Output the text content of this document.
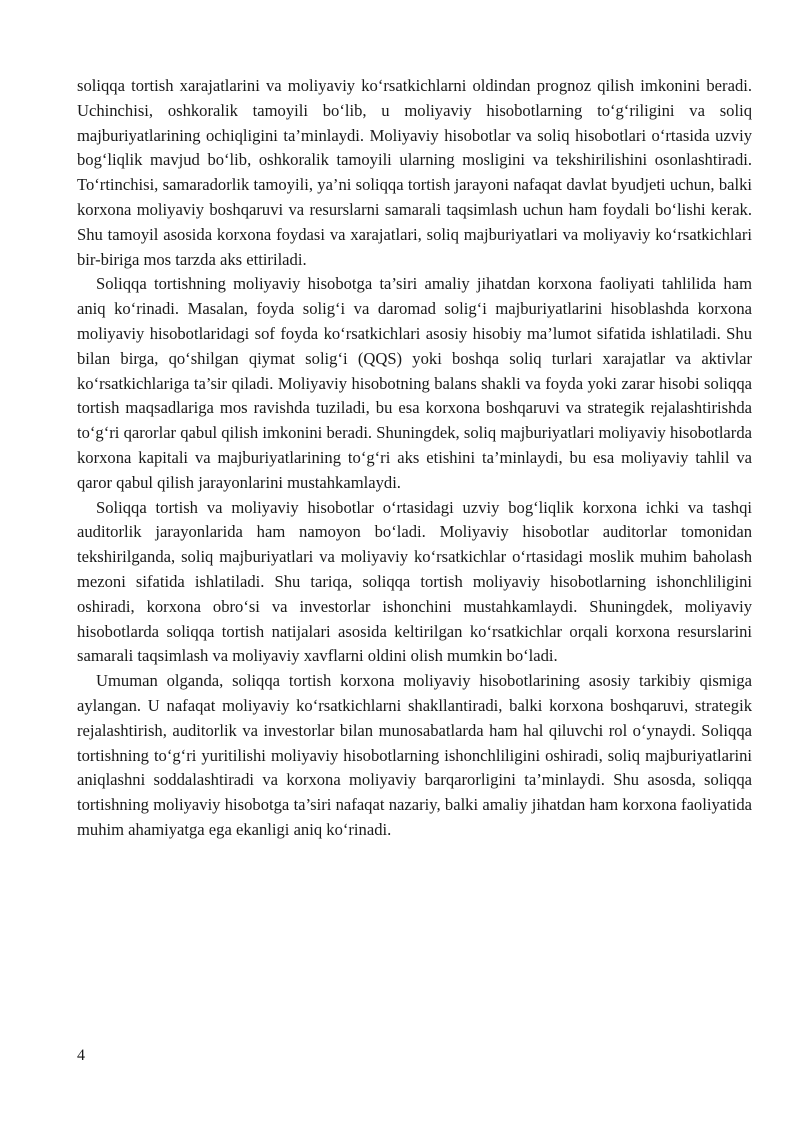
soliqqa tortish xarajatlarini va moliyaviy ko‘rsatkichlarni oldindan prognoz qilish imkonini beradi. Uchinchisi, oshkoralik tamoyili bo‘lib, u moliyaviy hisobotlarning to‘g‘riligini va soliq majburiyatlarining ochiqligini ta’minlaydi. Moliyaviy hisobotlar va soliq hisobotlari o‘rtasida uzviy bog‘liqlik mavjud bo‘lib, oshkoralik tamoyili ularning mosligini va tekshirilishini osonlashtiradi. To‘rtinchisi, samaradorlik tamoyili, ya’ni soliqqa tortish jarayoni nafaqat davlat byudjeti uchun, balki korxona moliyaviy boshqaruvi va resurslarni samarali taqsimlash uchun ham foydali bo‘lishi kerak. Shu tamoyil asosida korxona foydasi va xarajatlari, soliq majburiyatlari va moliyaviy ko‘rsatkichlari bir-biriga mos tarzda aks ettiriladi.

Soliqqa tortishning moliyaviy hisobotga ta’siri amaliy jihatdan korxona faoliyati tahlilida ham aniq ko‘rinadi. Masalan, foyda solig‘i va daromad solig‘i majburiyatlarini hisoblashda korxona moliyaviy hisobotlaridagi sof foyda ko‘rsatkichlari asosiy hisobiy ma’lumot sifatida ishlatiladi. Shu bilan birga, qo‘shilgan qiymat solig‘i (QQS) yoki boshqa soliq turlari xarajatlar va aktivlar ko‘rsatkichlariga ta’sir qiladi. Moliyaviy hisobotning balans shakli va foyda yoki zarar hisobi soliqqa tortish maqsadlariga mos ravishda tuziladi, bu esa korxona boshqaruvi va strategik rejalashtirishda to‘g‘ri qarorlar qabul qilish imkonini beradi. Shuningdek, soliq majburiyatlari moliyaviy hisobotlarda korxona kapitali va majburiyatlarining to‘g‘ri aks etishini ta’minlaydi, bu esa moliyaviy tahlil va qaror qabul qilish jarayonlarini mustahkamlaydi.

Soliqqa tortish va moliyaviy hisobotlar o‘rtasidagi uzviy bog‘liqlik korxona ichki va tashqi auditorlik jarayonlarida ham namoyon bo‘ladi. Moliyaviy hisobotlar auditorlar tomonidan tekshirilganda, soliq majburiyatlari va moliyaviy ko‘rsatkichlar o‘rtasidagi moslik muhim baholash mezoni sifatida ishlatiladi. Shu tariqa, soliqqa tortish moliyaviy hisobotlarning ishonchliligini oshiradi, korxona obro‘si va investorlar ishonchini mustahkamlaydi. Shuningdek, moliyaviy hisobotlarda soliqqa tortish natijalari asosida keltirilgan ko‘rsatkichlar orqali korxona resurslarini samarali taqsimlash va moliyaviy xavflarni oldini olish mumkin bo‘ladi.

Umuman olganda, soliqqa tortish korxona moliyaviy hisobotlarining asosiy tarkibiy qismiga aylangan. U nafaqat moliyaviy ko‘rsatkichlarni shakllantiradi, balki korxona boshqaruvi, strategik rejalashtirish, auditorlik va investorlar bilan munosabatlarda ham hal qiluvchi rol o‘ynaydi. Soliqqa tortishning to‘g‘ri yuritilishi moliyaviy hisobotlarning ishonchliligini oshiradi, soliq majburiyatlarini aniqlashni soddalashtiradi va korxona moliyaviy barqarorligini ta’minlaydi. Shu asosda, soliqqa tortishning moliyaviy hisobotga ta’siri nafaqat nazariy, balki amaliy jihatdan ham korxona faoliyatida muhim ahamiyatga ega ekanligi aniq ko‘rinadi.

4
